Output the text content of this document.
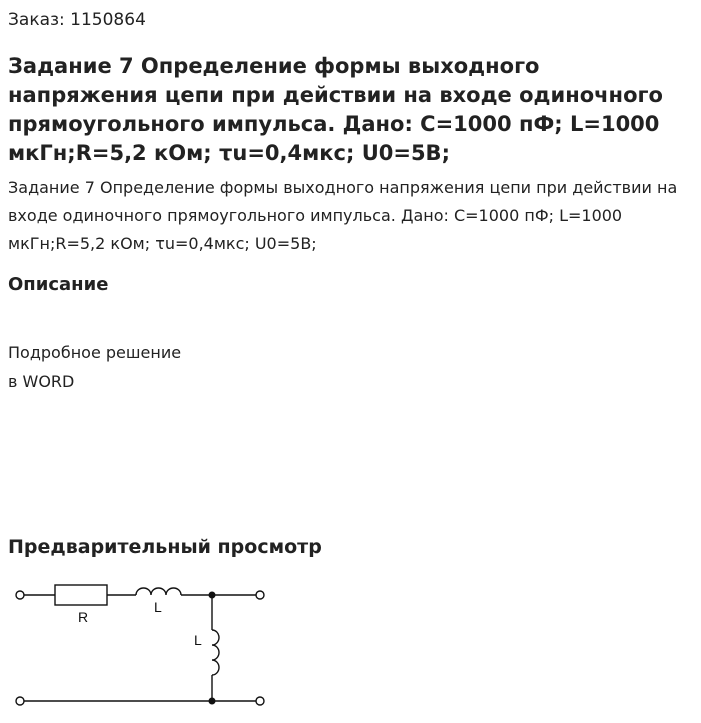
Заказ: 1150864
Задание 7 Определение формы выходного напряжения цепи при действии на входе одиночного прямоугольного импульса. Дано: C=1000 пФ; L=1000 мкГн;R=5,2 кОм; τu=0,4мкс; U0=5B;
Задание 7 Определение формы выходного напряжения цепи при действии на входе одиночного прямоугольного импульса. Дано: C=1000 пФ; L=1000 мкГн;R=5,2 кОм; τu=0,4мкс; U0=5B;
Описание
Подробное решение
в WORD
Предварительный просмотр
R
L
L
